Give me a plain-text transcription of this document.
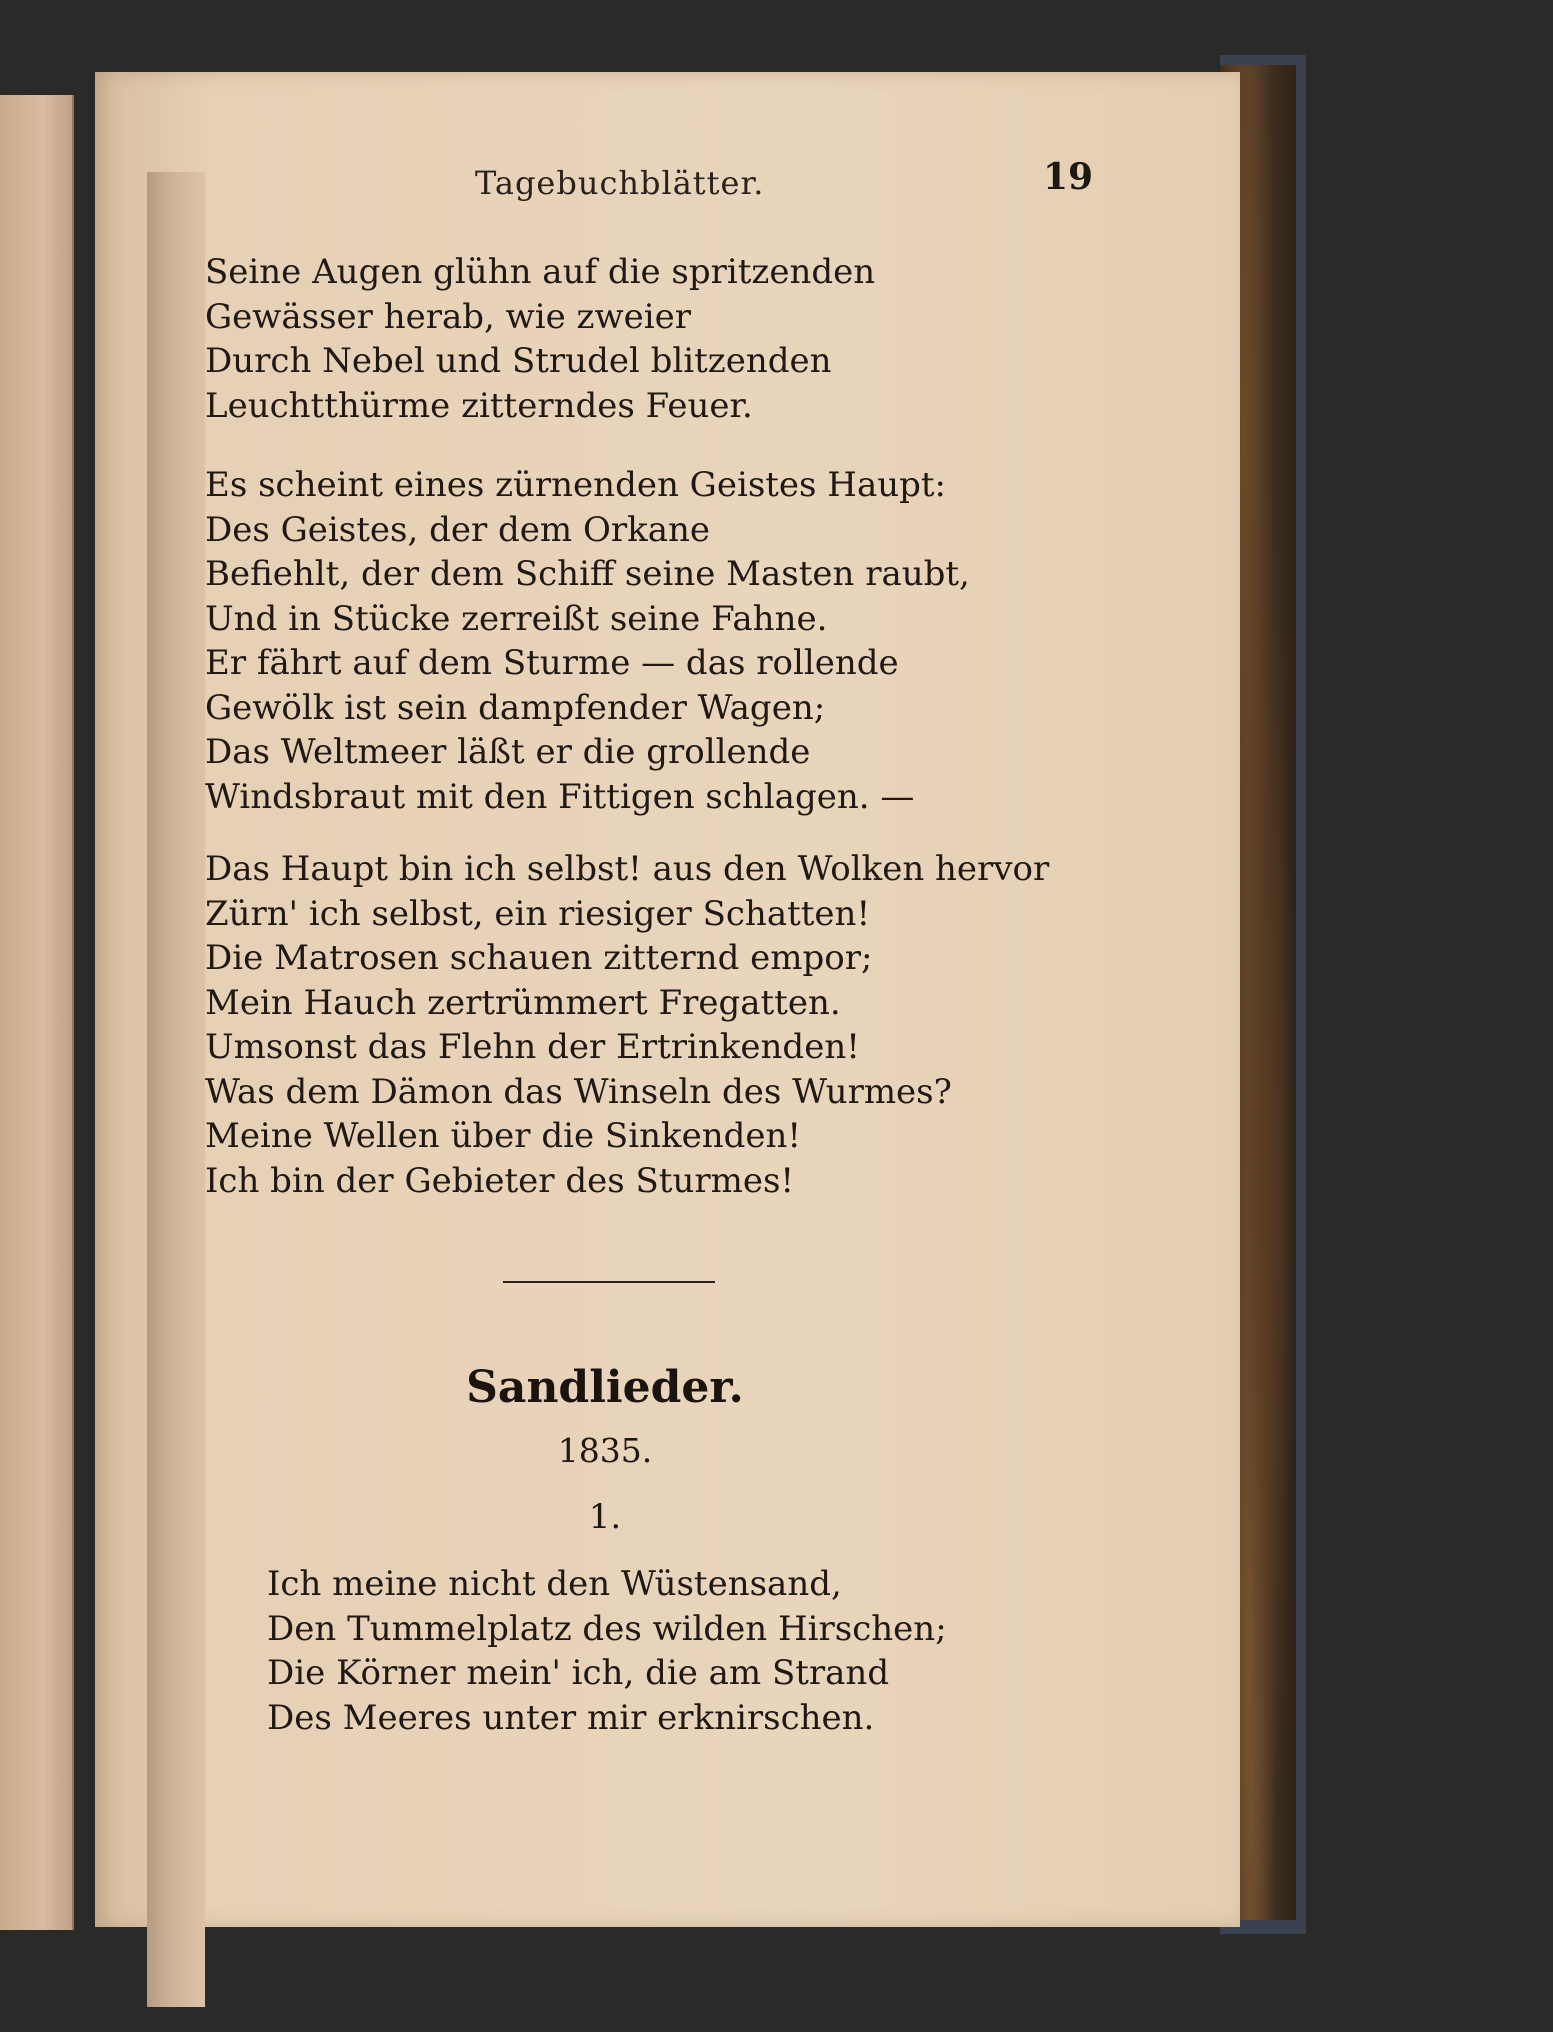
Tagebuchblätter.	19
Seine Augen glühn auf die spritzenden
Gewässer herab, wie zweier
Durch Nebel und Strudel blitzenden
Leuchtthürme zitterndes Feuer.
Es scheint eines zürnenden Geistes Haupt:
Des Geistes, der dem Orkane
Befiehlt, der dem Schiff seine Masten raubt,
Und in Stücke zerreißt seine Fahne.
Er fährt auf dem Sturme — das rollende
Gewölk ist sein dampfender Wagen;
Das Weltmeer läßt er die grollende
Windsbraut mit den Fittigen schlagen. —
Das Haupt bin ich selbst! aus den Wolken hervor
Zürn' ich selbst, ein riesiger Schatten!
Die Matrosen schauen zitternd empor;
Mein Hauch zertrümmert Fregatten.
Umsonst das Flehn der Ertrinkenden!
Was dem Dämon das Winseln des Wurmes?
Meine Wellen über die Sinkenden!
Ich bin der Gebieter des Sturmes!
Sandlieder.
1835.
1.
Ich meine nicht den Wüstensand,
Den Tummelplatz des wilden Hirschen;
Die Körner mein' ich, die am Strand
Des Meeres unter mir erknirschen.
